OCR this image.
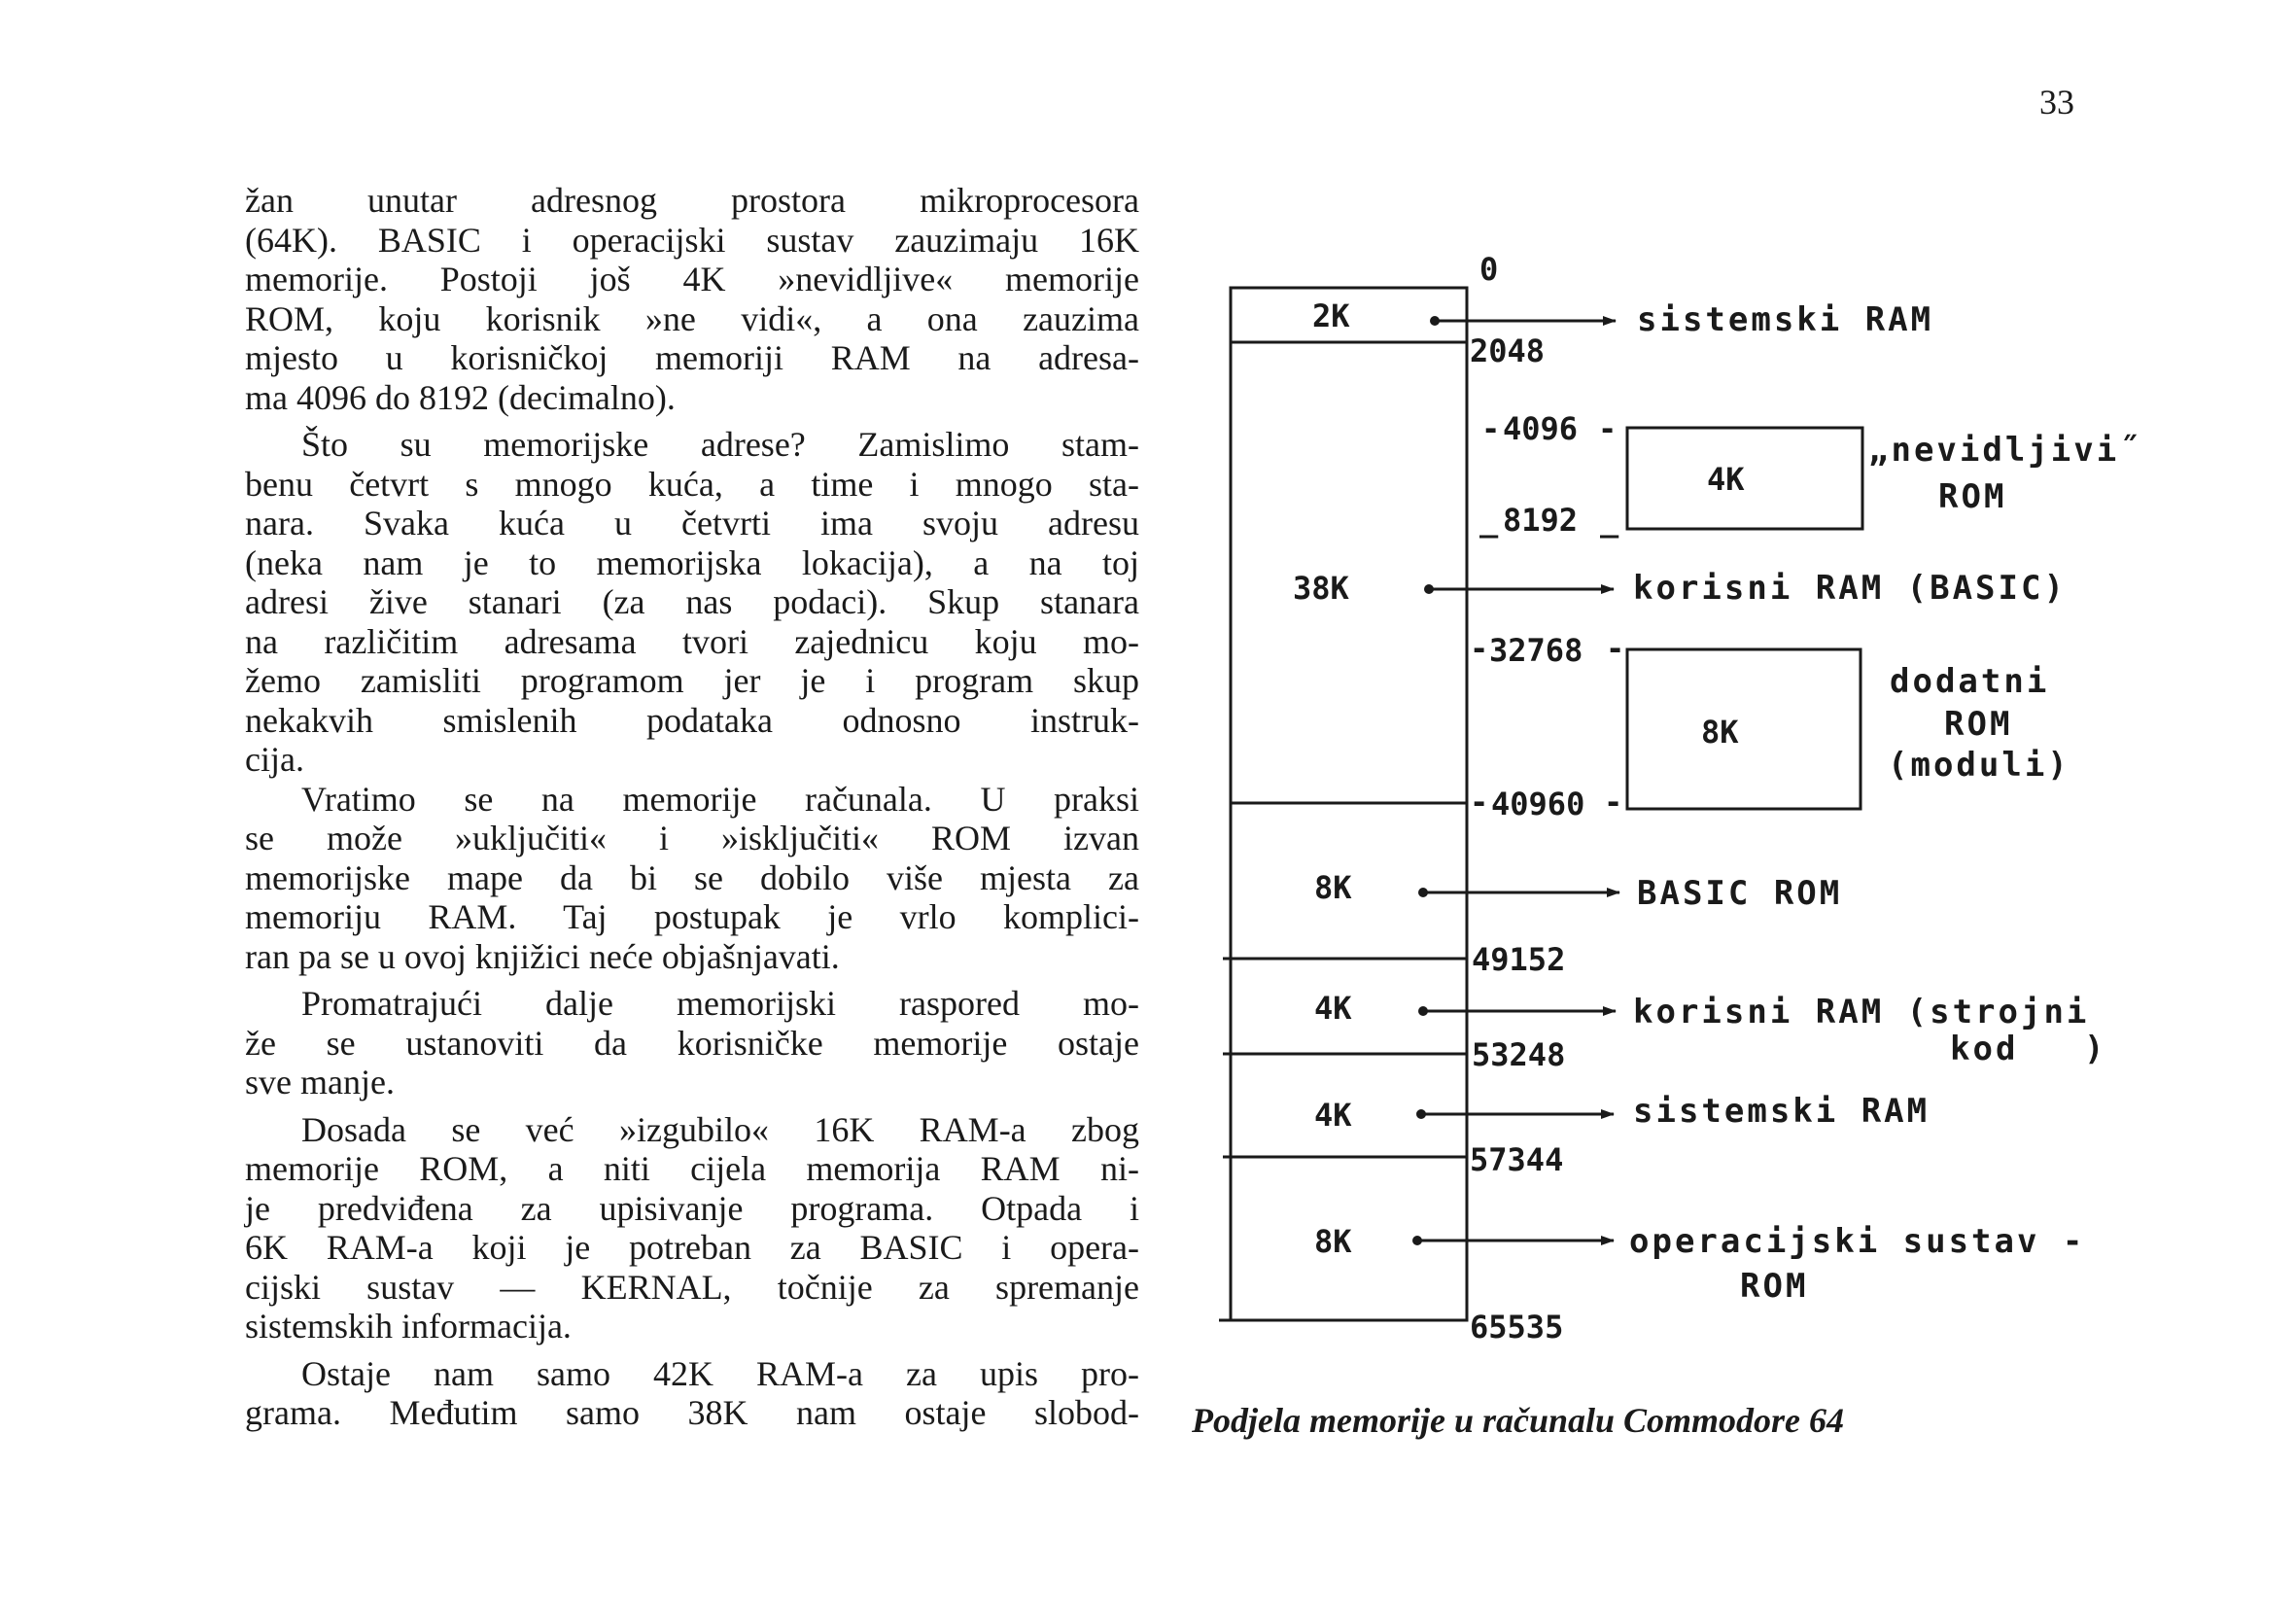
33
žan unutar adresnog prostora mikroprocesora
(64K). BASIC i operacijski sustav zauzimaju 16K
memorije. Postoji još 4K »nevidljive« memorije
ROM, koju korisnik »ne vidi«, a ona zauzima
mjesto u korisničkoj memoriji RAM na adresa-
ma 4096 do 8192 (decimalno).
Što su memorijske adrese? Zamislimo stam-
benu četvrt s mnogo kuća, a time i mnogo sta-
nara. Svaka kuća u četvrti ima svoju adresu
(neka nam je to memorijska lokacija), a na toj
adresi žive stanari (za nas podaci). Skup stanara
na različitim adresama tvori zajednicu koju mo-
žemo zamisliti programom jer je i program skup
nekakvih smislenih podataka odnosno instruk-
cija.
Vratimo se na memorije računala. U praksi
se može »uključiti« i »isključiti« ROM izvan
memorijske mape da bi se dobilo više mjesta za
memoriju RAM. Taj postupak je vrlo komplici-
ran pa se u ovoj knjižici neće objašnjavati.
Promatrajući dalje memorijski raspored mo-
že se ustanoviti da korisničke memorije ostaje
sve manje.
Dosada se već »izgubilo« 16K RAM-a zbog
memorije ROM, a niti cijela memorija RAM ni-
je predviđena za upisivanje programa. Otpada i
6K RAM-a koji je potreban za BASIC i opera-
cijski sustav — KERNAL, točnije za spremanje
sistemskih informacija.
Ostaje nam samo 42K RAM-a za upis pro-
grama. Međutim samo 38K nam ostaje slobod-
2K
38K
8K
4K
4K
8K
0
2048
- 4096 -
_ 8192 _
- 32768 -
- 40960 -
49152
53248
57344
65535
4K
8K
sistemski RAM
„nevidljivi˝
ROM
korisni RAM (BASIC)
dodatni
ROM
(moduli)
BASIC ROM
korisni RAM (strojni
kod )
sistemski RAM
operacijski sustav -
ROM
Podjela memorije u računalu Commodore 64
